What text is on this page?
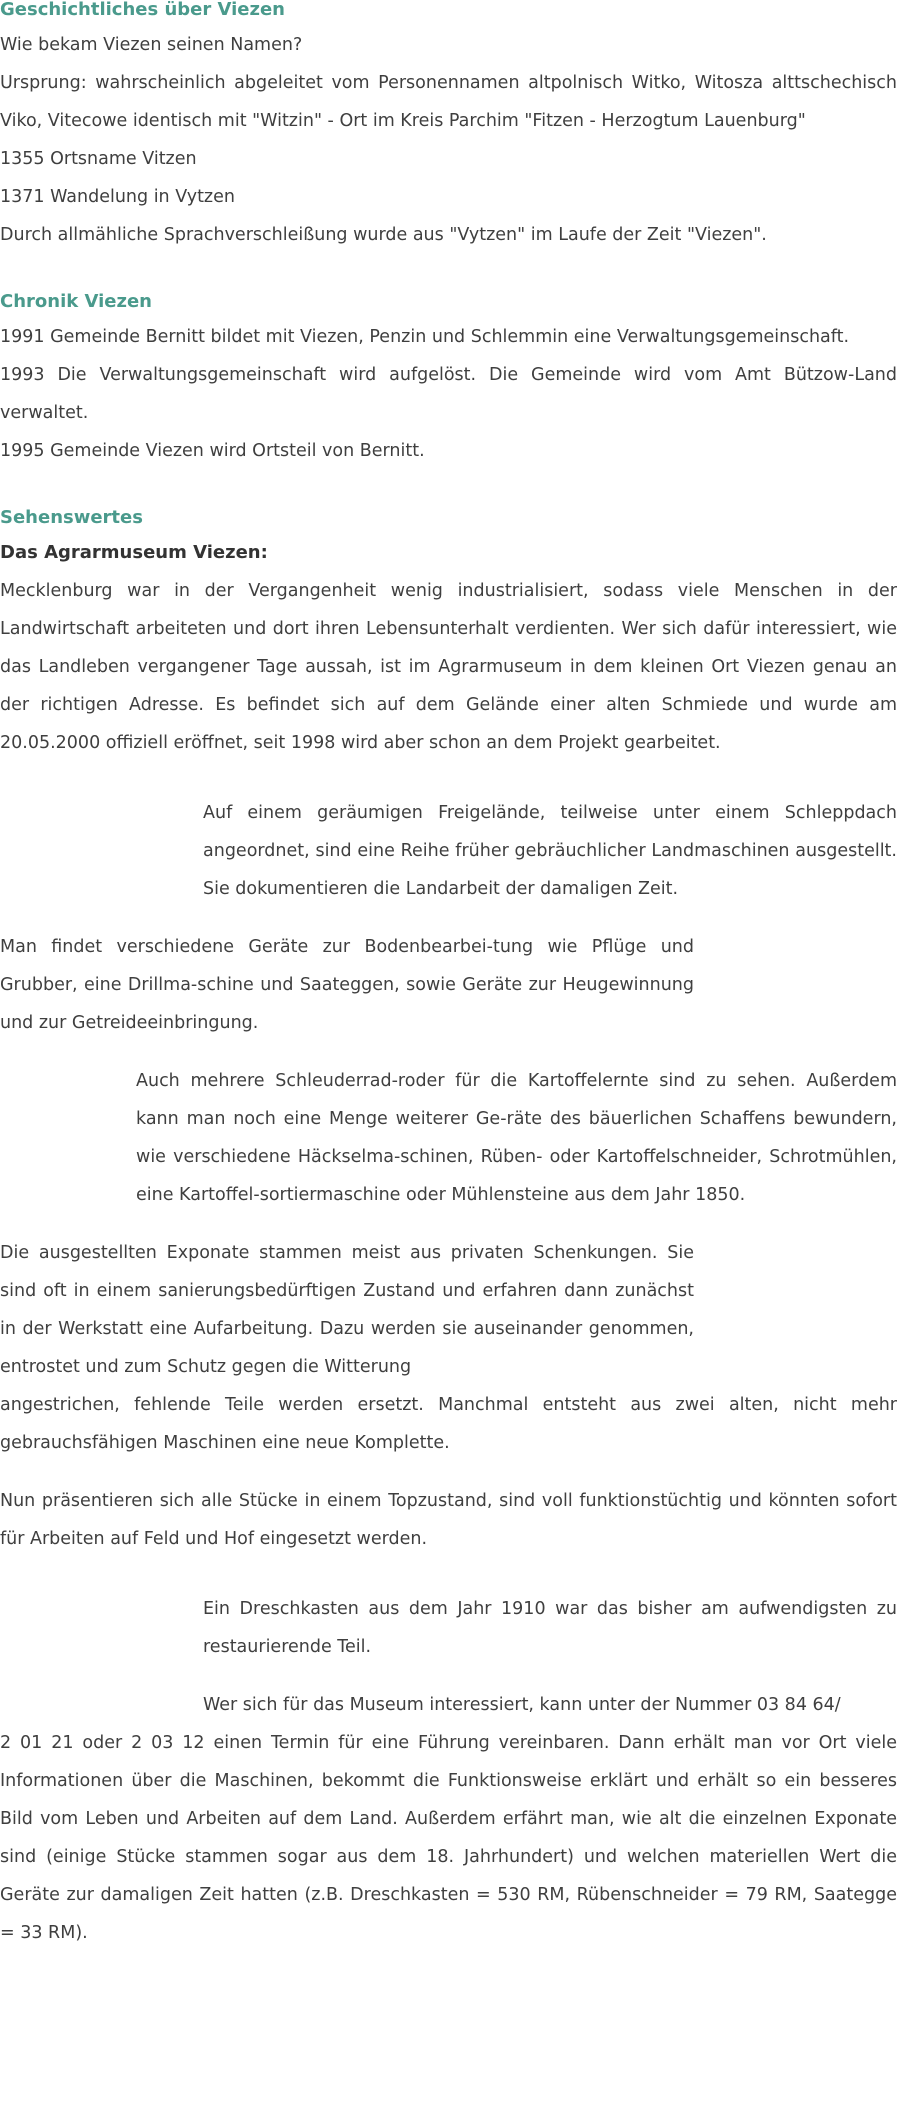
Geschichtliches über Viezen

Wie bekam Viezen seinen Namen?

Ursprung: wahrscheinlich abgeleitet vom Personennamen altpolnisch Witko, Witosza alttschechisch Viko, Vitecowe identisch mit "Witzin" - Ort im Kreis Parchim "Fitzen - Herzogtum Lauenburg"

1355 Ortsname Vitzen

1371 Wandelung in Vytzen

Durch allmähliche Sprachverschleißung wurde aus "Vytzen" im Laufe der Zeit "Viezen".

Chronik Viezen

1991 Gemeinde Bernitt bildet mit Viezen, Penzin und Schlemmin eine Verwaltungsgemeinschaft.

1993 Die Verwaltungsgemeinschaft wird aufgelöst. Die Gemeinde wird vom Amt Bützow-Land verwaltet.

1995 Gemeinde Viezen wird Ortsteil von Bernitt.

Sehenswertes

Das Agrarmuseum Viezen:

Mecklenburg war in der Vergangenheit wenig industrialisiert, sodass viele Menschen in der Landwirtschaft arbeiteten und dort ihren Lebensunterhalt verdienten. Wer sich dafür interessiert, wie das Landleben vergangener Tage aussah, ist im Agrarmuseum in dem kleinen Ort Viezen genau an der richtigen Adresse. Es befindet sich auf dem Gelände einer alten Schmiede und wurde am 20.05.2000 offiziell eröffnet, seit 1998 wird aber schon an dem Projekt gearbeitet.

Auf einem geräumigen Freigelände, teilweise unter einem Schleppdach angeordnet, sind eine Reihe früher gebräuchlicher Landmaschinen ausgestellt. Sie dokumentieren die Landarbeit der damaligen Zeit.

Man findet verschiedene Geräte zur Bodenbearbei-tung wie Pflüge und Grubber, eine Drillma-schine und Saateggen, sowie Geräte zur Heugewinnung und zur Getreideeinbringung.

Auch mehrere Schleuderrad-roder für die Kartoffelernte sind zu sehen. Außerdem kann man noch eine Menge weiterer Ge-räte des bäuerlichen Schaffens bewundern, wie verschiedene Häckselma-schinen, Rüben- oder Kartoffelschneider, Schrotmühlen, eine Kartoffel-sortiermaschine oder Mühlensteine aus dem Jahr 1850.

Die ausgestellten Exponate stammen meist aus privaten Schenkungen. Sie sind oft in einem sanierungsbedürftigen Zustand und erfahren dann zunächst in der Werkstatt eine Aufarbeitung. Dazu werden sie auseinander genommen, entrostet und zum Schutz gegen die Witterung

angestrichen, fehlende Teile werden ersetzt. Manchmal entsteht aus zwei alten, nicht mehr gebrauchsfähigen Maschinen eine neue Komplette.

Nun präsentieren sich alle Stücke in einem Topzustand, sind voll funktionstüchtig und könnten sofort für Arbeiten auf Feld und Hof eingesetzt werden.

Ein Dreschkasten aus dem Jahr 1910 war das bisher am aufwendigsten zu restaurierende Teil.

Wer sich für das Museum interessiert, kann unter der Nummer 03 84 64/

2 01 21 oder 2 03 12 einen Termin für eine Führung vereinbaren. Dann erhält man vor Ort viele Informationen über die Maschinen, bekommt die Funktionsweise erklärt und erhält so ein besseres Bild vom Leben und Arbeiten auf dem Land. Außerdem erfährt man, wie alt die einzelnen Exponate sind (einige Stücke stammen sogar aus dem 18. Jahrhundert) und welchen materiellen Wert die Geräte zur damaligen Zeit hatten (z.B. Dreschkasten = 530 RM, Rübenschneider = 79 RM, Saategge = 33 RM).
